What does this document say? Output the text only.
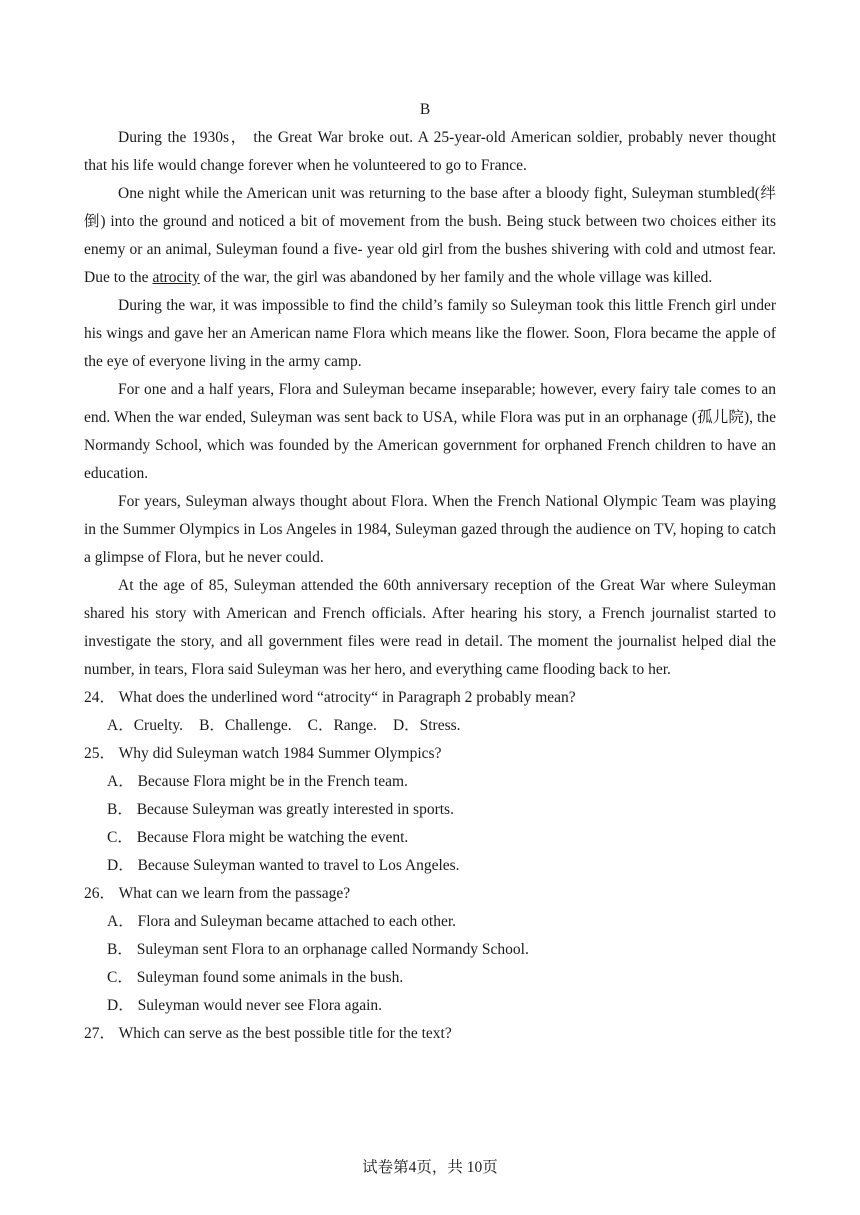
B

During the 1930s， the Great War broke out. A 25-year-old American soldier, probably never thought that his life would change forever when he volunteered to go to France.

One night while the American unit was returning to the base after a bloody fight, Suleyman stumbled(绊倒) into the ground and noticed a bit of movement from the bush. Being stuck between two choices either its enemy or an animal, Suleyman found a five- year old girl from the bushes shivering with cold and utmost fear. Due to the atrocity of the war, the girl was abandoned by her family and the whole village was killed.

During the war, it was impossible to find the child’s family so Suleyman took this little French girl under his wings and gave her an American name Flora which means like the flower. Soon, Flora became the apple of the eye of everyone living in the army camp.

For one and a half years, Flora and Suleyman became inseparable; however, every fairy tale comes to an end. When the war ended, Suleyman was sent back to USA, while Flora was put in an orphanage (孤儿院), the Normandy School, which was founded by the American government for orphaned French children to have an education.

For years, Suleyman always thought about Flora. When the French National Olympic Team was playing in the Summer Olympics in Los Angeles in 1984, Suleyman gazed through the audience on TV, hoping to catch a glimpse of Flora, but he never could.

At the age of 85, Suleyman attended the 60th anniversary reception of the Great War where Suleyman shared his story with American and French officials. After hearing his story, a French journalist started to investigate the story, and all government files were read in detail. The moment the journalist helped dial the number, in tears, Flora said Suleyman was her hero, and everything came flooding back to her.

24． What does the underlined word “atrocity“ in Paragraph 2 probably mean?

A．Cruelty. B．Challenge. C．Range. D．Stress.

25． Why did Suleyman watch 1984 Summer Olympics?

A． Because Flora might be in the French team.

B． Because Suleyman was greatly interested in sports.

C． Because Flora might be watching the event.

D． Because Suleyman wanted to travel to Los Angeles.

26． What can we learn from the passage?

A． Flora and Suleyman became attached to each other.

B． Suleyman sent Flora to an orphanage called Normandy School.

C． Suleyman found some animals in the bush.

D． Suleyman would never see Flora again.

27． Which can serve as the best possible title for the text?

试卷第4页，共 10页
